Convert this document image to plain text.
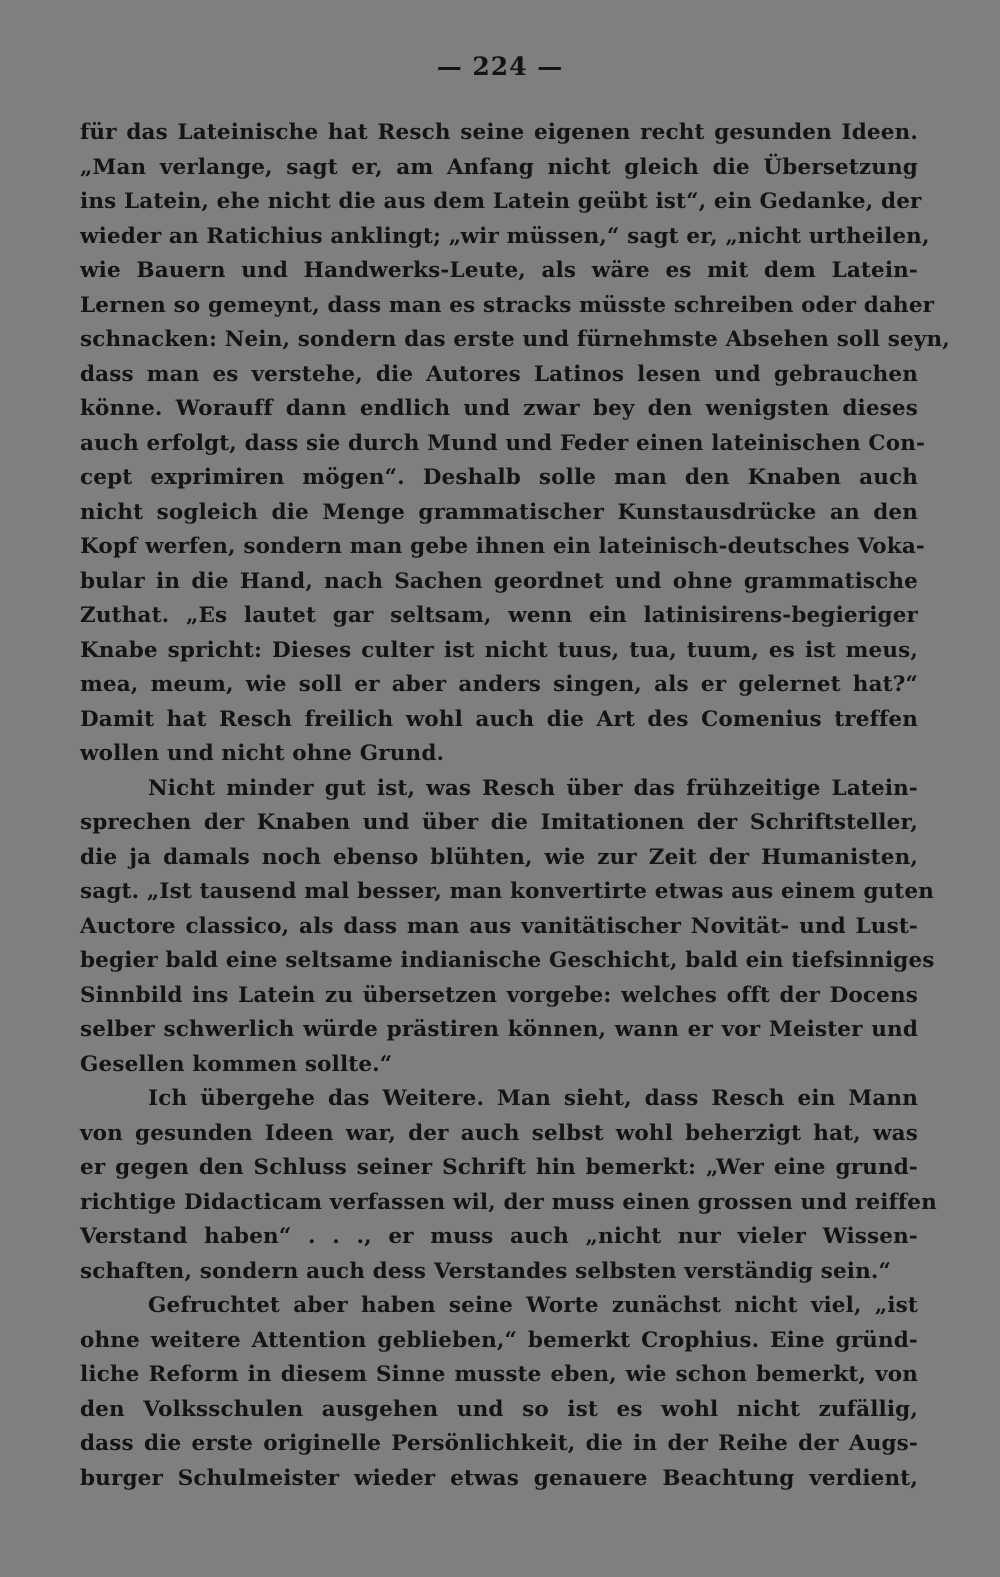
— 224 —
für das Lateinische hat Resch seine eigenen recht gesunden Ideen.
„Man verlange, sagt er, am Anfang nicht gleich die Übersetzung
ins Latein, ehe nicht die aus dem Latein geübt ist“, ein Gedanke, der
wieder an Ratichius anklingt; „wir müssen,“ sagt er, „nicht urtheilen,
wie Bauern und Handwerks-Leute, als wäre es mit dem Latein-
Lernen so gemeynt, dass man es stracks müsste schreiben oder daher
schnacken: Nein, sondern das erste und fürnehmste Absehen soll seyn,
dass man es verstehe, die Autores Latinos lesen und gebrauchen
könne. Worauff dann endlich und zwar bey den wenigsten dieses
auch erfolgt, dass sie durch Mund und Feder einen lateinischen Con-
cept exprimiren mögen“. Deshalb solle man den Knaben auch
nicht sogleich die Menge grammatischer Kunstausdrücke an den
Kopf werfen, sondern man gebe ihnen ein lateinisch-deutsches Voka-
bular in die Hand, nach Sachen geordnet und ohne grammatische
Zuthat. „Es lautet gar seltsam, wenn ein latinisirens-begieriger
Knabe spricht: Dieses culter ist nicht tuus, tua, tuum, es ist meus,
mea, meum, wie soll er aber anders singen, als er gelernet hat?“
Damit hat Resch freilich wohl auch die Art des Comenius treffen
wollen und nicht ohne Grund.
Nicht minder gut ist, was Resch über das frühzeitige Latein-
sprechen der Knaben und über die Imitationen der Schriftsteller,
die ja damals noch ebenso blühten, wie zur Zeit der Humanisten,
sagt. „Ist tausend mal besser, man konvertirte etwas aus einem guten
Auctore classico, als dass man aus vanitätischer Novität- und Lust-
begier bald eine seltsame indianische Geschicht, bald ein tiefsinniges
Sinnbild ins Latein zu übersetzen vorgebe: welches offt der Docens
selber schwerlich würde prästiren können, wann er vor Meister und
Gesellen kommen sollte.“
Ich übergehe das Weitere. Man sieht, dass Resch ein Mann
von gesunden Ideen war, der auch selbst wohl beherzigt hat, was
er gegen den Schluss seiner Schrift hin bemerkt: „Wer eine grund-
richtige Didacticam verfassen wil, der muss einen grossen und reiffen
Verstand haben“ . . ., er muss auch „nicht nur vieler Wissen-
schaften, sondern auch dess Verstandes selbsten verständig sein.“
Gefruchtet aber haben seine Worte zunächst nicht viel, „ist
ohne weitere Attention geblieben,“ bemerkt Crophius. Eine gründ-
liche Reform in diesem Sinne musste eben, wie schon bemerkt, von
den Volksschulen ausgehen und so ist es wohl nicht zufällig,
dass die erste originelle Persönlichkeit, die in der Reihe der Augs-
burger Schulmeister wieder etwas genauere Beachtung verdient,
